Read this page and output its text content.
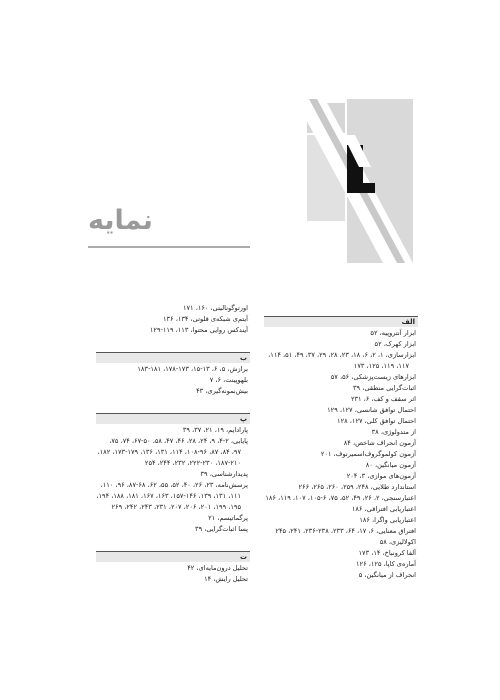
نمایه
الف
ابزار آنتروپیه، ۵۲
ابزار کهرک، ۵۲
ابزارسازی، ۱، ۲، ۶، ۱۸، ۲۳، ۲۸، ۲۹، ۳۷، ۴۹، ۵۱، ۱۱۴،
۱۱۷، ۱۱۹، ۱۲۵، ۱۷۳
ابزارهای زیست‌پزشکی، ۵۶، ۵۷
اثبات‌گرایی منطقی، ۳۹
اثر سقف و کف، ۶، ۲۳۱
احتمال توافق شانسی، ۱۲۷، ۱۲۹
احتمال توافق کلی، ۱۲۷، ۱۲۸
از متدولوژی، ۳۸
آزمون انحراف شاخص، ۸۴
آزمون کولموگروف‌اسمیرنوف، ۲۰۱
آزمون میانگین، ۸۰
آزمون‌های موازی، ۳، ۲۰۴
استاندارد طلایی، ۲۴۸، ۲۵۹، ۲۶۰، ۲۶۵، ۲۶۶
اعتبارسنجی، ۲، ۲۶، ۴۹، ۵۲، ۷۵، ۶-۱۰۵، ۱۰۷، ۱۱۹، ۱۸۶
اعتباریابی افتراقی، ۱۸۶
اعتباریابی واگرا، ۱۸۶
افتراق معنایی، ۶، ۱۷، ۶۴، ۲۳۳، ۲۳۸-۲۳۶، ۲۴۱، ۲۴۵
اکولالیزی، ۵۸
آلفا کرونباخ، ۱۴، ۱۷۳
آماره‌ی کاپا، ۱۲۵، ۱۲۶
انحراف از میانگین، ۵
اورتوگونالیتی، ۱۶۰، ۱۷۱
آیتم‌ی شبکه‌ی قلوتی، ۱۳۴، ۱۳۶
آیندکس روایی محتوا، ۱۱۳، ۱۱۹-۱۲۹
ب
برازش، ۵، ۶، ۱۳-۱۵، ۱۷۳-۱۷۸، ۱۸۱-۱۸۳
بلهوپینت، ۶، ۷
بیش‌نمونه‌گیری، ۴۳
پ
پارادایم، ۱۹، ۲۱، ۳۷، ۳۹
پایایی، ۲-۴، ۹، ۲۴، ۲۸، ۴۶، ۴۷، ۵۸، ۵۰-۶۷، ۷۴، ۷۵،
۹۷، ۸۴، ۸۷، ۱۰۸-۹۶، ۱۱۴، ۱۳۱، ۱۳۶، ۱۷۳-۱۷۹، ۱۸۲،
۱۸۷-۲۱۰، ۲۲۲-۲۳۰، ۲۳۲، ۲۴۴، ۲۵۴
پدیدارشناسی، ۳۹
پرسش‌نامه، ۲۳، ۲۶، ۴۰، ۵۲، ۵۵، ۶۲، ۶۸-۸۷، ۹۶، ۱۱۰،
۱۱۱، ۱۳۱، ۱۳۹، ۱۵۷-۱۴۶، ۱۶۳، ۱۶۷، ۱۸۱، ۱۸۸، ۱۹۴،
۱۹۵، ۱۹۹، ۲۰۱، ۲۰۶، ۲۰۷، ۲۳۱، ۲۴۳، ۲۴۲، ۲۶۹
پرگماتیسم، ۲۱
پسا اثبات‌گرایی، ۳۹
ت
تحلیل درون‌مایه‌ای، ۴۲
تحلیل رایش، ۱۴
